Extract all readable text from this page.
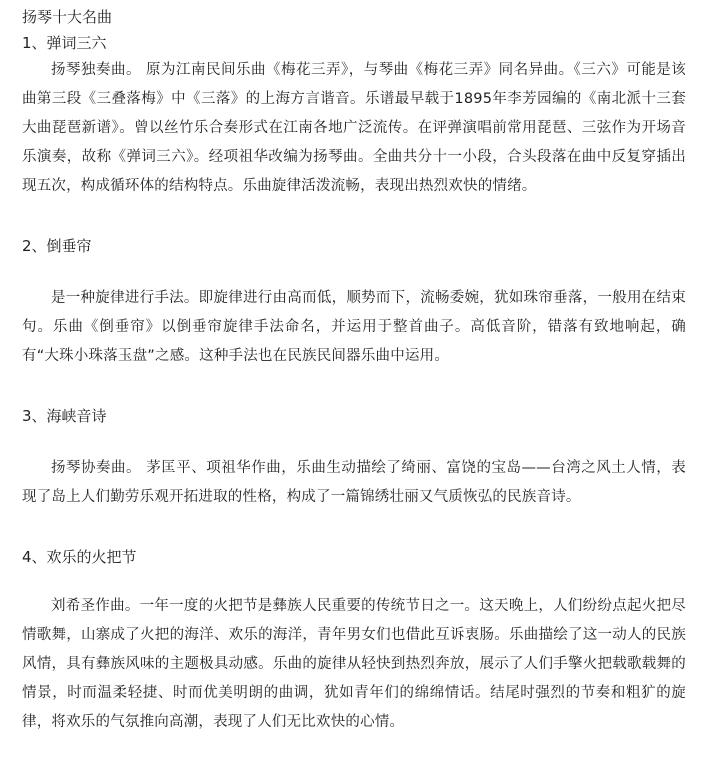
扬琴十大名曲

1、弹词三六

扬琴独奏曲。 原为江南民间乐曲《梅花三弄》，与琴曲《梅花三弄》同名异曲。《三六》可能是该曲第三段《三叠落梅》中《三落》的上海方言谐音。乐谱最早载于1895年李芳园编的《南北派十三套大曲琵琶新谱》。曾以丝竹乐合奏形式在江南各地广泛流传。在评弹演唱前常用琵琶、三弦作为开场音乐演奏，故称《弹词三六》。经项祖华改编为扬琴曲。全曲共分十一小段，合头段落在曲中反复穿插出现五次，构成循环体的结构特点。乐曲旋律活泼流畅，表现出热烈欢快的情绪。

2、倒垂帘

是一种旋律进行手法。即旋律进行由高而低，顺势而下，流畅委婉，犹如珠帘垂落，一般用在结束句。乐曲《倒垂帘》以倒垂帘旋律手法命名，并运用于整首曲子。高低音阶，错落有致地响起，确有“大珠小珠落玉盘”之感。这种手法也在民族民间器乐曲中运用。

3、海峡音诗

扬琴协奏曲。 茅匡平、项祖华作曲，乐曲生动描绘了绮丽、富饶的宝岛——台湾之风土人情，表现了岛上人们勤劳乐观开拓进取的性格，构成了一篇锦绣壮丽又气质恢弘的民族音诗。

4、欢乐的火把节

刘希圣作曲。一年一度的火把节是彝族人民重要的传统节日之一。这天晚上，人们纷纷点起火把尽情歌舞，山寨成了火把的海洋、欢乐的海洋，青年男女们也借此互诉衷肠。乐曲描绘了这一动人的民族风情，具有彝族风味的主题极具动感。乐曲的旋律从轻快到热烈奔放，展示了人们手擎火把载歌载舞的情景，时而温柔轻捷、时而优美明朗的曲调，犹如青年们的绵绵情话。结尾时强烈的节奏和粗犷的旋律，将欢乐的气氛推向高潮，表现了人们无比欢快的心情。
